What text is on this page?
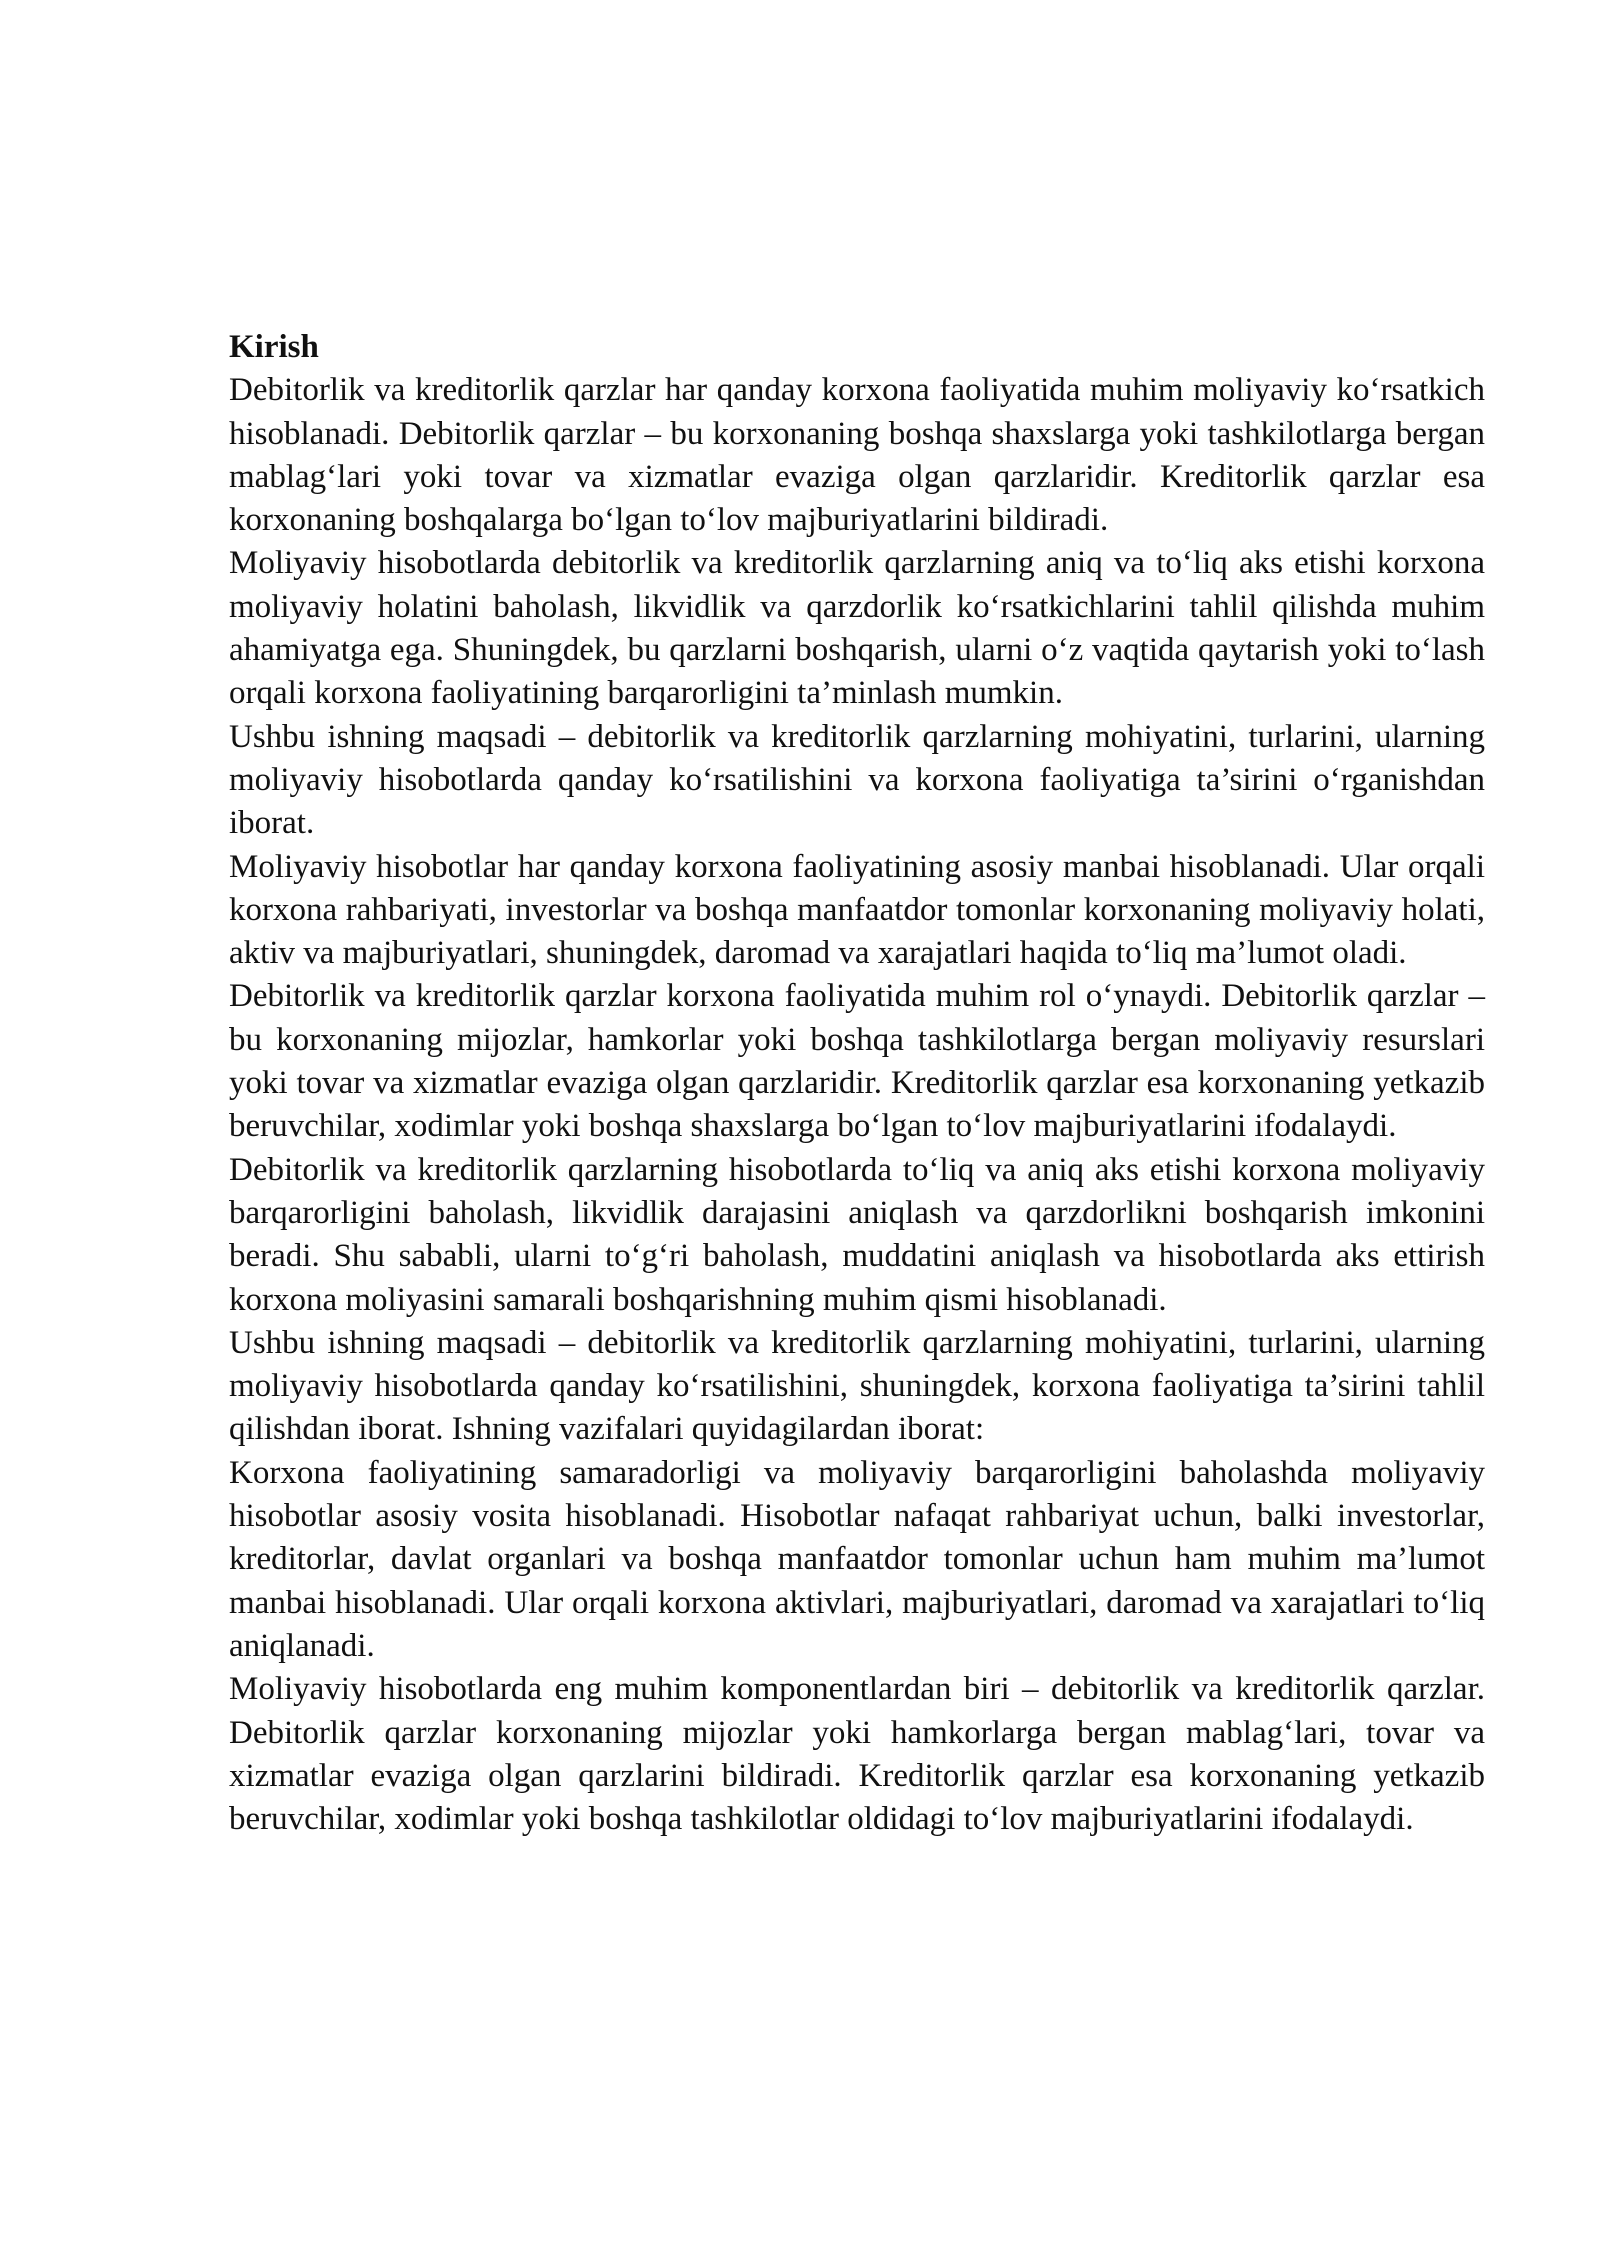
Kirish

Debitorlik va kreditorlik qarzlar har qanday korxona faoliyatida muhim moliyaviy ko‘rsatkich hisoblanadi. Debitorlik qarzlar – bu korxonaning boshqa shaxslarga yoki tashkilotlarga bergan mablag‘lari yoki tovar va xizmatlar evaziga olgan qarzlaridir. Kreditorlik qarzlar esa korxonaning boshqalarga bo‘lgan to‘lov majburiyatlarini bildiradi.

Moliyaviy hisobotlarda debitorlik va kreditorlik qarzlarning aniq va to‘liq aks etishi korxona moliyaviy holatini baholash, likvidlik va qarzdorlik ko‘rsatkichlarini tahlil qilishda muhim ahamiyatga ega. Shuningdek, bu qarzlarni boshqarish, ularni o‘z vaqtida qaytarish yoki to‘lash orqali korxona faoliyatining barqarorligini ta’minlash mumkin.

Ushbu ishning maqsadi – debitorlik va kreditorlik qarzlarning mohiyatini, turlarini, ularning moliyaviy hisobotlarda qanday ko‘rsatilishini va korxona faoliyatiga ta’sirini o‘rganishdan iborat.

Moliyaviy hisobotlar har qanday korxona faoliyatining asosiy manbai hisoblanadi. Ular orqali korxona rahbariyati, investorlar va boshqa manfaatdor tomonlar korxonaning moliyaviy holati, aktiv va majburiyatlari, shuningdek, daromad va xarajatlari haqida to‘liq ma’lumot oladi.

Debitorlik va kreditorlik qarzlar korxona faoliyatida muhim rol o‘ynaydi. Debitorlik qarzlar – bu korxonaning mijozlar, hamkorlar yoki boshqa tashkilotlarga bergan moliyaviy resurslari yoki tovar va xizmatlar evaziga olgan qarzlaridir. Kreditorlik qarzlar esa korxonaning yetkazib beruvchilar, xodimlar yoki boshqa shaxslarga bo‘lgan to‘lov majburiyatlarini ifodalaydi.

Debitorlik va kreditorlik qarzlarning hisobotlarda to‘liq va aniq aks etishi korxona moliyaviy barqarorligini baholash, likvidlik darajasini aniqlash va qarzdorlikni boshqarish imkonini beradi. Shu sababli, ularni to‘g‘ri baholash, muddatini aniqlash va hisobotlarda aks ettirish korxona moliyasini samarali boshqarishning muhim qismi hisoblanadi.

Ushbu ishning maqsadi – debitorlik va kreditorlik qarzlarning mohiyatini, turlarini, ularning moliyaviy hisobotlarda qanday ko‘rsatilishini, shuningdek, korxona faoliyatiga ta’sirini tahlil qilishdan iborat. Ishning vazifalari quyidagilardan iborat:

Korxona faoliyatining samaradorligi va moliyaviy barqarorligini baholashda moliyaviy hisobotlar asosiy vosita hisoblanadi. Hisobotlar nafaqat rahbariyat uchun, balki investorlar, kreditorlar, davlat organlari va boshqa manfaatdor tomonlar uchun ham muhim ma’lumot manbai hisoblanadi. Ular orqali korxona aktivlari, majburiyatlari, daromad va xarajatlari to‘liq aniqlanadi.

Moliyaviy hisobotlarda eng muhim komponentlardan biri – debitorlik va kreditorlik qarzlar. Debitorlik qarzlar korxonaning mijozlar yoki hamkorlarga bergan mablag‘lari, tovar va xizmatlar evaziga olgan qarzlarini bildiradi. Kreditorlik qarzlar esa korxonaning yetkazib beruvchilar, xodimlar yoki boshqa tashkilotlar oldidagi to‘lov majburiyatlarini ifodalaydi.
